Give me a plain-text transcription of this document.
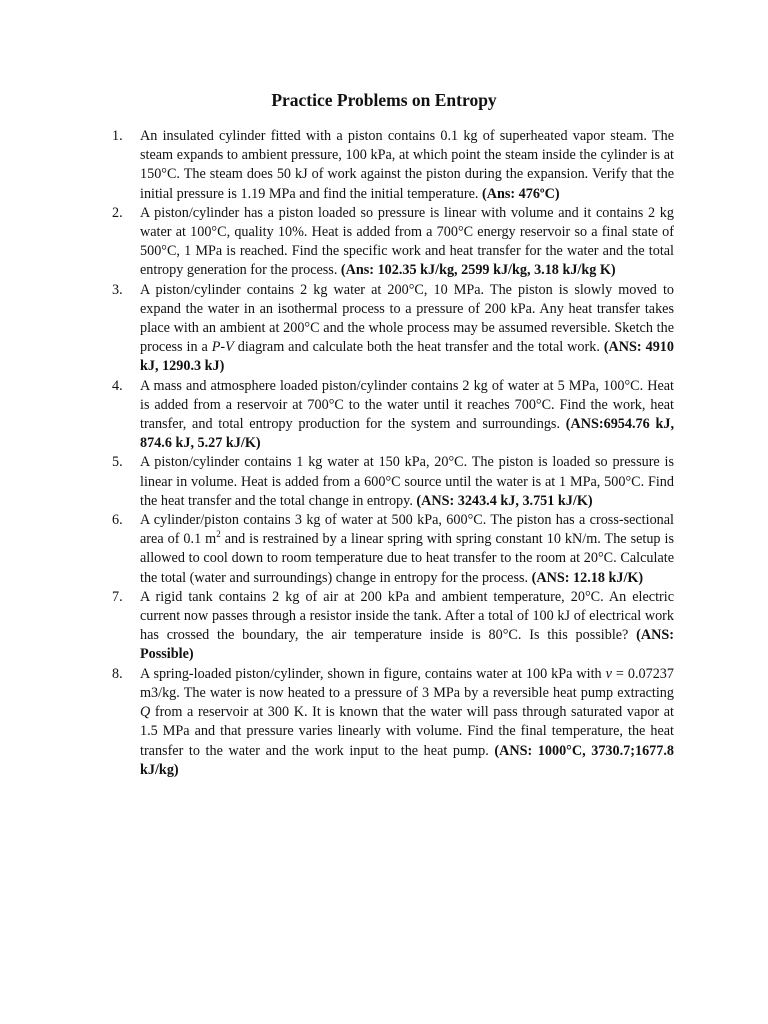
Practice Problems on Entropy
1.	An insulated cylinder fitted with a piston contains 0.1 kg of superheated vapor steam. The steam expands to ambient pressure, 100 kPa, at which point the steam inside the cylinder is at 150°C. The steam does 50 kJ of work against the piston during the expansion. Verify that the initial pressure is 1.19 MPa and find the initial temperature. (Ans: 476ºC)
2.	A piston/cylinder has a piston loaded so pressure is linear with volume and it contains 2 kg water at 100°C, quality 10%. Heat is added from a 700°C energy reservoir so a final state of 500°C, 1 MPa is reached. Find the specific work and heat transfer for the water and the total entropy generation for the process. (Ans: 102.35 kJ/kg, 2599 kJ/kg, 3.18 kJ/kg K)
3.	A piston/cylinder contains 2 kg water at 200°C, 10 MPa. The piston is slowly moved to expand the water in an isothermal process to a pressure of 200 kPa. Any heat transfer takes place with an ambient at 200°C and the whole process may be assumed reversible. Sketch the process in a P-V diagram and calculate both the heat transfer and the total work. (ANS: 4910 kJ, 1290.3 kJ)
4.	A mass and atmosphere loaded piston/cylinder contains 2 kg of water at 5 MPa, 100°C. Heat is added from a reservoir at 700°C to the water until it reaches 700°C. Find the work, heat transfer, and total entropy production for the system and surroundings. (ANS:6954.76 kJ, 874.6 kJ, 5.27 kJ/K)
5.	A piston/cylinder contains 1 kg water at 150 kPa, 20°C. The piston is loaded so pressure is linear in volume. Heat is added from a 600°C source until the water is at 1 MPa, 500°C. Find the heat transfer and the total change in entropy. (ANS: 3243.4 kJ, 3.751 kJ/K)
6.	A cylinder/piston contains 3 kg of water at 500 kPa, 600°C. The piston has a cross-sectional area of 0.1 $m^2$ and is restrained by a linear spring with spring constant 10 kN/m. The setup is allowed to cool down to room temperature due to heat transfer to the room at 20°C. Calculate the total (water and surroundings) change in entropy for the process. (ANS: 12.18 kJ/K)
7.	A rigid tank contains 2 kg of air at 200 kPa and ambient temperature, 20°C. An electric current now passes through a resistor inside the tank. After a total of 100 kJ of electrical work has crossed the boundary, the air temperature inside is 80°C. Is this possible? (ANS: Possible)
8.	A spring-loaded piston/cylinder, shown in figure, contains water at 100 kPa with v = 0.07237 m3/kg. The water is now heated to a pressure of 3 MPa by a reversible heat pump extracting Q from a reservoir at 300 K. It is known that the water will pass through saturated vapor at 1.5 MPa and that pressure varies linearly with volume. Find the final temperature, the heat transfer to the water and the work input to the heat pump. (ANS: 1000°C, 3730.7;1677.8 kJ/kg)
